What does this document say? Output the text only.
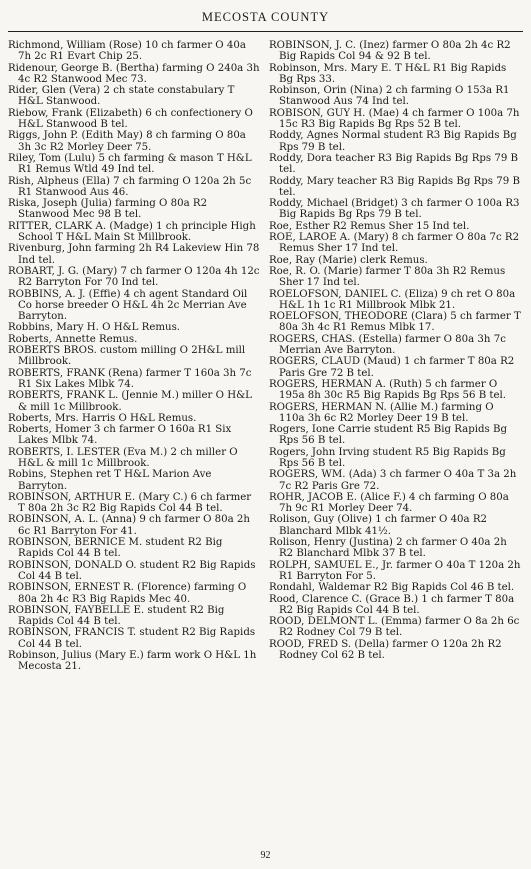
MECOSTA COUNTY

Richmond, William (Rose) 10 ch farmer O 40a 7h 2c R1 Evart Chip 25.

Ridenour, George B. (Bertha) farming O 240a 3h 4c R2 Stanwood Mec 73.

Rider, Glen (Vera) 2 ch state constabulary T H&L Stanwood.

Riebow, Frank (Elizabeth) 6 ch confectionery O H&L Stanwood B tel.

Riggs, John P. (Edith May) 8 ch farming O 80a 3h 3c R2 Morley Deer 75.

Riley, Tom (Lulu) 5 ch farming & mason T H&L R1 Remus Wtld 49 Ind tel.

Rish, Alpheus (Ella) 7 ch farming O 120a 2h 5c R1 Stanwood Aus 46.

Riska, Joseph (Julia) farming O 80a R2 Stanwood Mec 98 B tel.

RITTER, CLARK A. (Madge) 1 ch principle High School T H&L Main St Millbrook.

Rivenburg, John farming 2h R4 Lakeview Hin 78 Ind tel.

ROBART, J. G. (Mary) 7 ch farmer O 120a 4h 12c R2 Barryton For 70 Ind tel.

ROBBINS, A. J. (Effie) 4 ch agent Standard Oil Co horse breeder O H&L 4h 2c Merrian Ave Barryton.

Robbins, Mary H. O H&L Remus.

Roberts, Annette Remus.

ROBERTS BROS. custom milling O 2H&L mill Millbrook.

ROBERTS, FRANK (Rena) farmer T 160a 3h 7c R1 Six Lakes Mlbk 74.

ROBERTS, FRANK L. (Jennie M.) miller O H&L & mill 1c Millbrook.

Roberts, Mrs. Harris O H&L Remus.

Roberts, Homer 3 ch farmer O 160a R1 Six Lakes Mlbk 74.

ROBERTS, I. LESTER (Eva M.) 2 ch miller O H&L & mill 1c Millbrook.

Robins, Stephen ret T H&L Marion Ave Barryton.

ROBINSON, ARTHUR E. (Mary C.) 6 ch farmer T 80a 2h 3c R2 Big Rapids Col 44 B tel.

ROBINSON, A. L. (Anna) 9 ch farmer O 80a 2h 6c R1 Barryton For 41.

ROBINSON, BERNICE M. student R2 Big Rapids Col 44 B tel.

ROBINSON, DONALD O. student R2 Big Rapids Col 44 B tel.

ROBINSON, ERNEST R. (Florence) farming O 80a 2h 4c R3 Big Rapids Mec 40.

ROBINSON, FAYBELLE E. student R2 Big Rapids Col 44 B tel.

ROBINSON, FRANCIS T. student R2 Big Rapids Col 44 B tel.

Robinson, Julius (Mary E.) farm work O H&L 1h Mecosta 21.

ROBINSON, J. C. (Inez) farmer O 80a 2h 4c R2 Big Rapids Col 94 & 92 B tel.

Robinson, Mrs. Mary E. T H&L R1 Big Rapids Bg Rps 33.

Robinson, Orin (Nina) 2 ch farming O 153a R1 Stanwood Aus 74 Ind tel.

ROBISON, GUY H. (Mae) 4 ch farmer O 100a 7h 15c R3 Big Rapids Bg Rps 52 B tel.

Roddy, Agnes Normal student R3 Big Rapids Bg Rps 79 B tel.

Roddy, Dora teacher R3 Big Rapids Bg Rps 79 B tel.

Roddy, Mary teacher R3 Big Rapids Bg Rps 79 B tel.

Roddy, Michael (Bridget) 3 ch farmer O 100a R3 Big Rapids Bg Rps 79 B tel.

Roe, Esther R2 Remus Sher 15 Ind tel.

ROE, LAROE A. (Mary) 8 ch farmer O 80a 7c R2 Remus Sher 17 Ind tel.

Roe, Ray (Marie) clerk Remus.

Roe, R. O. (Marie) farmer T 80a 3h R2 Remus Sher 17 Ind tel.

ROELOFSON, DANIEL C. (Eliza) 9 ch ret O 80a H&L 1h 1c R1 Millbrook Mlbk 21.

ROELOFSON, THEODORE (Clara) 5 ch farmer T 80a 3h 4c R1 Remus Mlbk 17.

ROGERS, CHAS. (Estella) farmer O 80a 3h 7c Merrian Ave Barryton.

ROGERS, CLAUD (Maud) 1 ch farmer T 80a R2 Paris Gre 72 B tel.

ROGERS, HERMAN A. (Ruth) 5 ch farmer O 195a 8h 30c R5 Big Rapids Bg Rps 56 B tel.

ROGERS, HERMAN N. (Allie M.) farming O 110a 3h 6c R2 Morley Deer 19 B tel.

Rogers, Ione Carrie student R5 Big Rapids Bg Rps 56 B tel.

Rogers, John Irving student R5 Big Rapids Bg Rps 56 B tel.

ROGERS, WM. (Ada) 3 ch farmer O 40a T 3a 2h 7c R2 Paris Gre 72.

ROHR, JACOB E. (Alice F.) 4 ch farming O 80a 7h 9c R1 Morley Deer 74.

Rolison, Guy (Olive) 1 ch farmer O 40a R2 Blanchard Mlbk 41½.

Rolison, Henry (Justina) 2 ch farmer O 40a 2h R2 Blanchard Mlbk 37 B tel.

ROLPH, SAMUEL E., Jr. farmer O 40a T 120a 2h R1 Barryton For 5.

Rondahl, Waldemar R2 Big Rapids Col 46 B tel.

Rood, Clarence C. (Grace B.) 1 ch farmer T 80a R2 Big Rapids Col 44 B tel.

ROOD, DELMONT L. (Emma) farmer O 8a 2h 6c R2 Rodney Col 79 B tel.

ROOD, FRED S. (Della) farmer O 120a 2h R2 Rodney Col 62 B tel.

92
